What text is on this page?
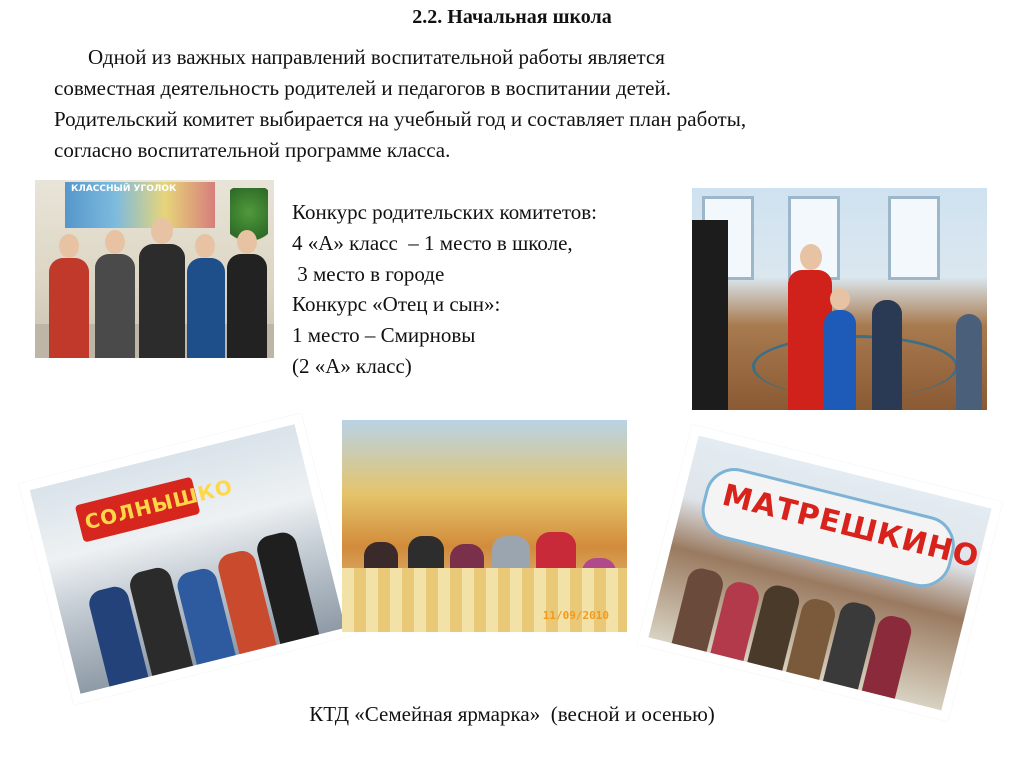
2.2. Начальная школа
Одной из важных направлений воспитательной работы является
совместная деятельность родителей и педагогов в воспитании детей.
Родительский комитет выбирается на учебный год и составляет план работы,
согласно воспитательной программе класса.
КЛАССНЫЙ УГОЛОК
Конкурс родительских комитетов:
4 «А» класс  – 1 место в школе,
3 место в городе
Конкурс «Отец и сын»:
1 место – Смирновы
(2 «А» класс)
СОЛНЫШКО
11/09/2010
МАТРЕШКИНО
КТД «Семейная ярмарка»  (весной и осенью)
